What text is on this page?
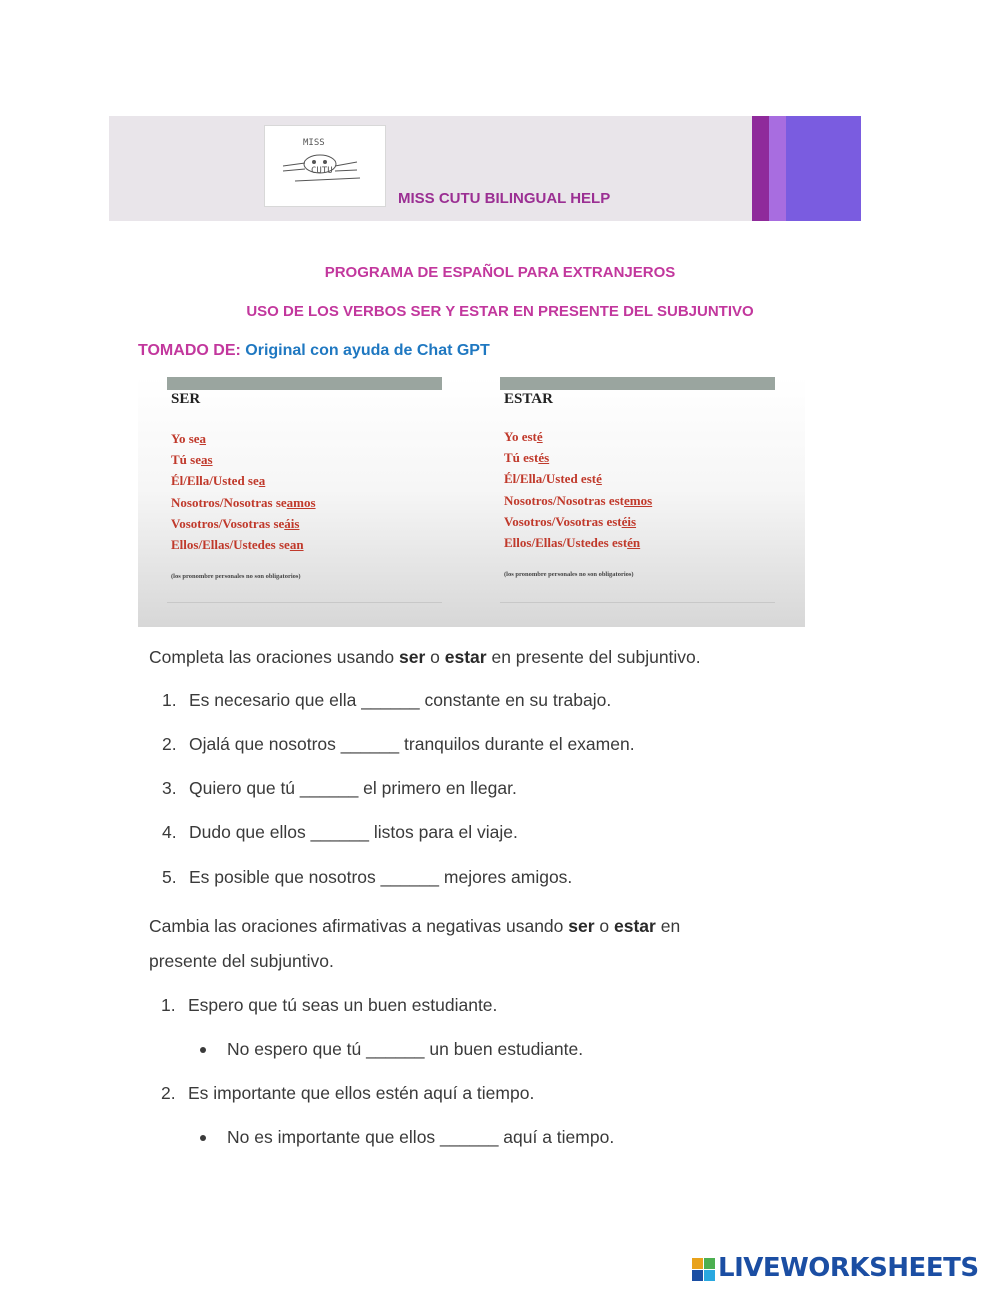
MISS
CUTU
MISS CUTU BILINGUAL HELP
PROGRAMA DE ESPAÑOL PARA EXTRANJEROS
USO DE LOS VERBOS SER Y ESTAR EN PRESENTE DEL SUBJUNTIVO
TOMADO DE: Original con ayuda de Chat GPT
SER
Yo sea
Tú seas
Él/Ella/Usted sea
Nosotros/Nosotras seamos
Vosotros/Vosotras seáis
Ellos/Ellas/Ustedes sean
(los pronombre personales no son obligatorios)
ESTAR
Yo esté
Tú estés
Él/Ella/Usted esté
Nosotros/Nosotras estemos
Vosotros/Vosotras estéis
Ellos/Ellas/Ustedes estén
(los pronombre personales no son obligatorios)
Completa las oraciones usando ser o estar en presente del subjuntivo.
1. Es necesario que ella ______ constante en su trabajo.
2. Ojalá que nosotros ______ tranquilos durante el examen.
3. Quiero que tú ______ el primero en llegar.
4. Dudo que ellos ______ listos para el viaje.
5. Es posible que nosotros ______ mejores amigos.
Cambia las oraciones afirmativas a negativas usando ser o estar en
presente del subjuntivo.
1. Espero que tú seas un buen estudiante.
No espero que tú ______ un buen estudiante.
2. Es importante que ellos estén aquí a tiempo.
No es importante que ellos ______ aquí a tiempo.
LIVEWORKSHEETS
